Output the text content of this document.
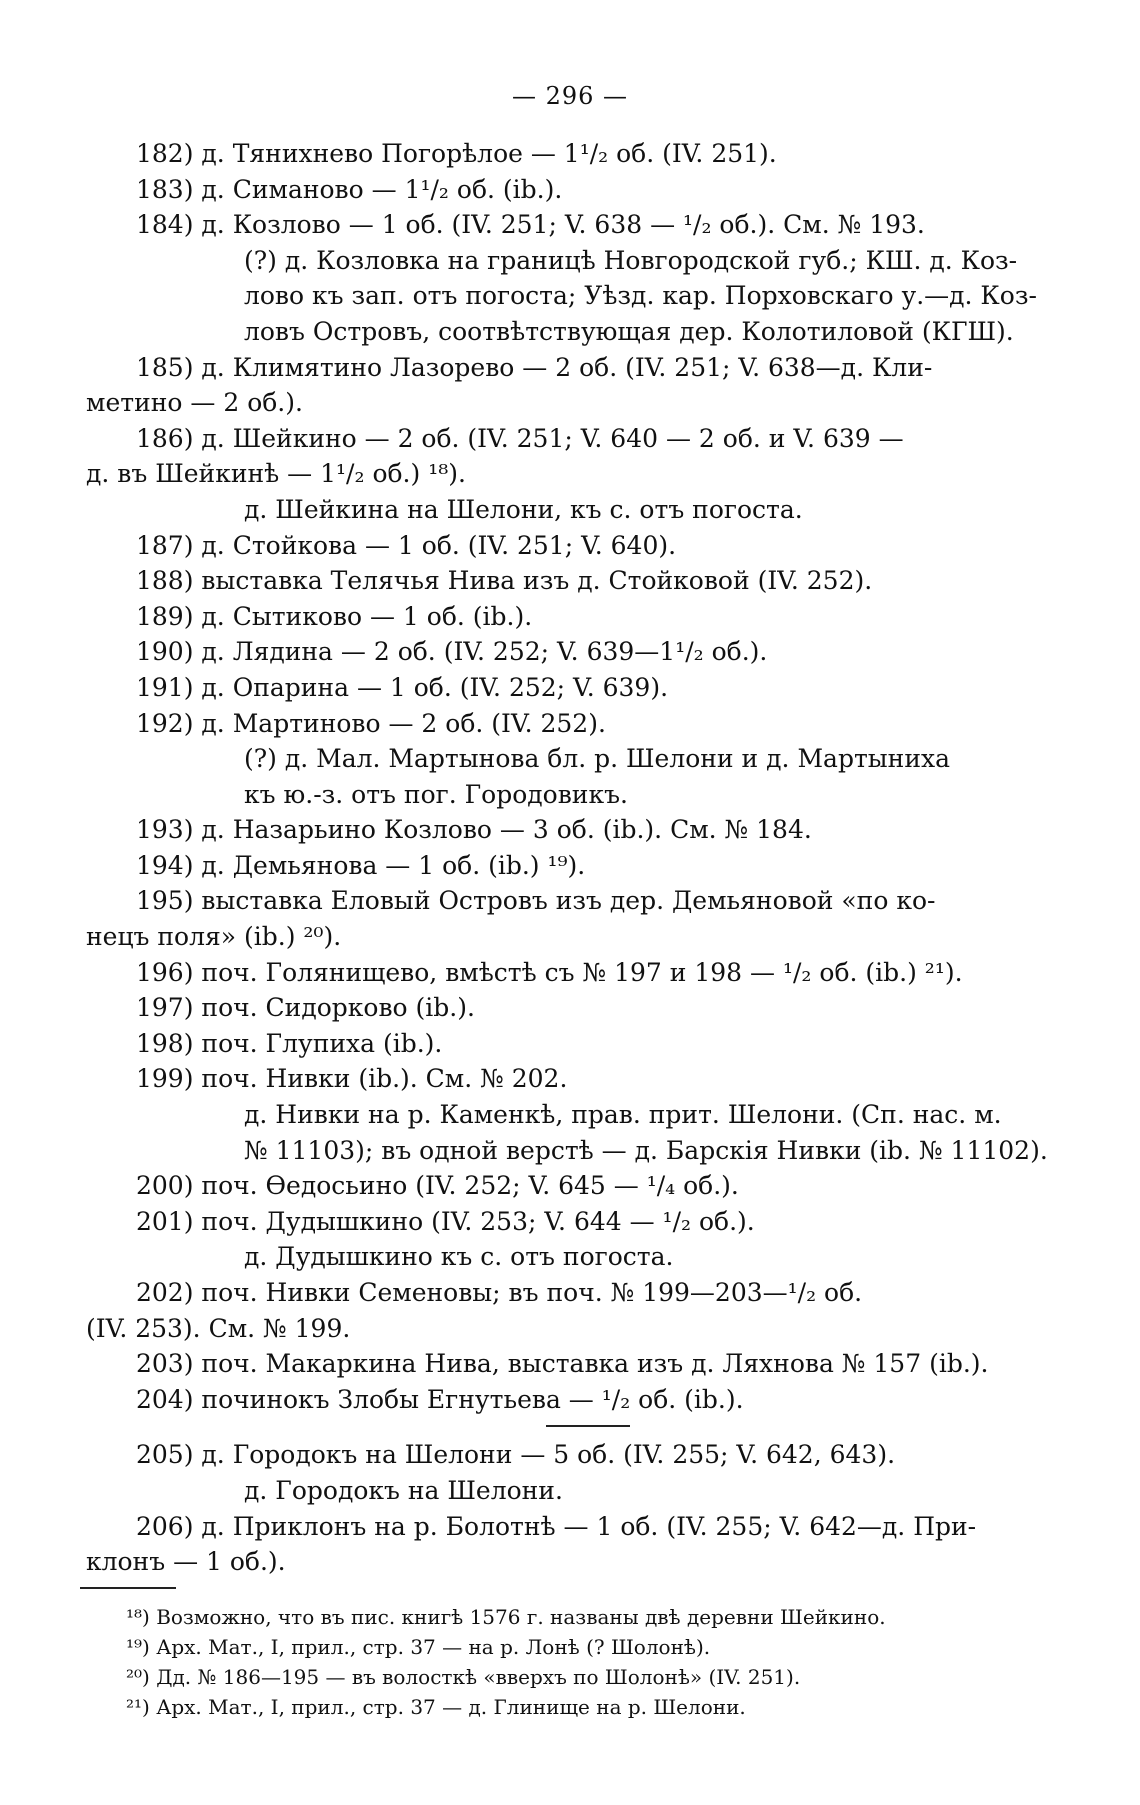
— 296 —
182) д. Тянихнево Погорѣлое — 1¹/₂ об. (IV. 251).
183) д. Симаново — 1¹/₂ об. (ib.).
184) д. Козлово — 1 об. (IV. 251; V. 638 — ¹/₂ об.). См. № 193.
(?) д. Козловка на границѣ Новгородской губ.; КШ. д. Коз-
лово къ зап. отъ погоста; Уѣзд. кар. Порховскаго у.—д. Коз-
ловъ Островъ, соотвѣтствующая дер. Колотиловой (КГШ).
185) д. Климятино Лазорево — 2 об. (IV. 251; V. 638—д. Кли-
метино — 2 об.).
186) д. Шейкино — 2 об. (IV. 251; V. 640 — 2 об. и V. 639 —
д. въ Шейкинѣ — 1¹/₂ об.) ¹⁸).
д. Шейкина на Шелони, къ с. отъ погоста.
187) д. Стойкова — 1 об. (IV. 251; V. 640).
188) выставка Телячья Нива изъ д. Стойковой (IV. 252).
189) д. Сытиково — 1 об. (ib.).
190) д. Лядина — 2 об. (IV. 252; V. 639—1¹/₂ об.).
191) д. Опарина — 1 об. (IV. 252; V. 639).
192) д. Мартиново — 2 об. (IV. 252).
(?) д. Мал. Мартынова бл. р. Шелони и д. Мартыниха
къ ю.-з. отъ пог. Городовикъ.
193) д. Назарьино Козлово — 3 об. (ib.). См. № 184.
194) д. Демьянова — 1 об. (ib.) ¹⁹).
195) выставка Еловый Островъ изъ дер. Демьяновой «по ко-
нецъ поля» (ib.) ²⁰).
196) поч. Голянищево, вмѣстѣ съ № 197 и 198 — ¹/₂ об. (ib.) ²¹).
197) поч. Сидорково (ib.).
198) поч. Глупиха (ib.).
199) поч. Нивки (ib.). См. № 202.
д. Нивки на р. Каменкѣ, прав. прит. Шелони. (Сп. нас. м.
№ 11103); въ одной верстѣ — д. Барскія Нивки (ib. № 11102).
200) поч. Ѳедосьино (IV. 252; V. 645 — ¹/₄ об.).
201) поч. Дудышкино (IV. 253; V. 644 — ¹/₂ об.).
д. Дудышкино къ с. отъ погоста.
202) поч. Нивки Семеновы; въ поч. № 199—203—¹/₂ об.
(IV. 253). См. № 199.
203) поч. Макаркина Нива, выставка изъ д. Ляхнова № 157 (ib.).
204) починокъ Злобы Егнутьева — ¹/₂ об. (ib.).
205) д. Городокъ на Шелони — 5 об. (IV. 255; V. 642, 643).
д. Городокъ на Шелони.
206) д. Приклонъ на р. Болотнѣ — 1 об. (IV. 255; V. 642—д. При-
клонъ — 1 об.).
¹⁸) Возможно, что въ пис. книгѣ 1576 г. названы двѣ деревни Шейкино.
¹⁹) Арх. Мат., I, прил., стр. 37 — на р. Лонѣ (? Шолонѣ).
²⁰) Дд. № 186—195 — въ волосткѣ «вверхъ по Шолонѣ» (IV. 251).
²¹) Арх. Мат., I, прил., стр. 37 — д. Глинище на р. Шелони.
